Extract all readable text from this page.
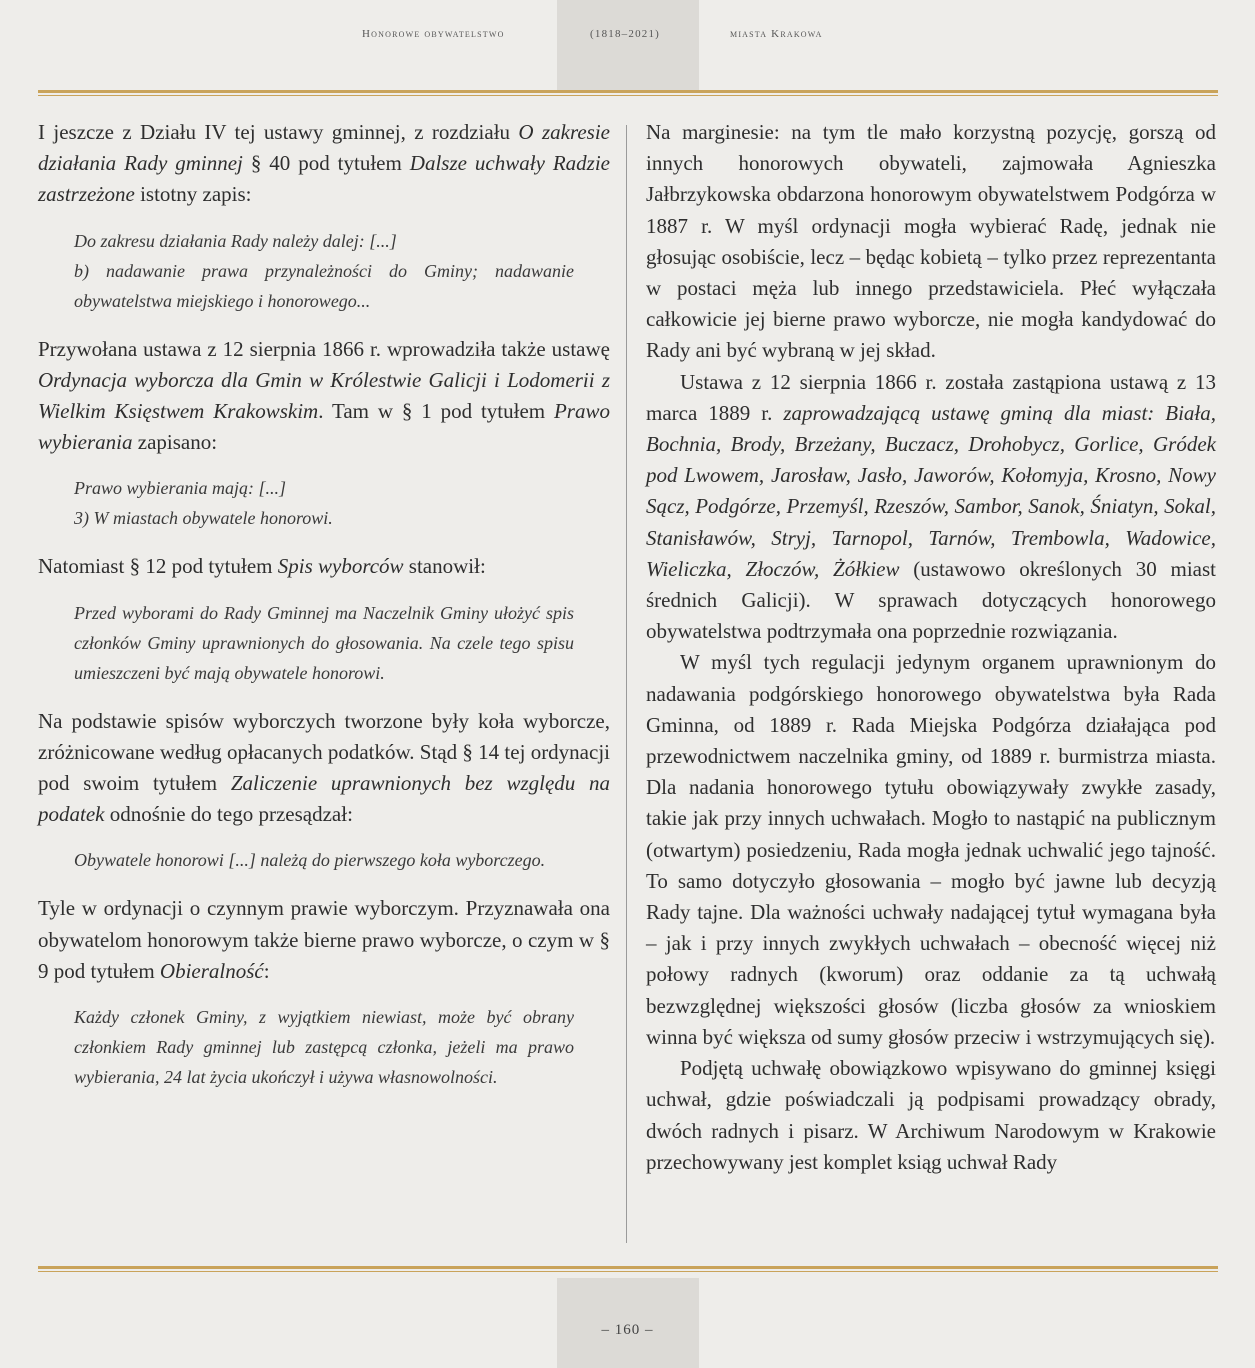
Honorowe obywatelstwo	(1818–2021)	miasta Krakowa

I jeszcze z Działu IV tej ustawy gminnej, z rozdziału O zakresie działania Rady gminnej § 40 pod tytułem Dalsze uchwały Radzie zastrzeżone istotny zapis:

Do zakresu działania Rady należy dalej: [...]
b) nadawanie prawa przynależności do Gminy; nadawanie obywatelstwa miejskiego i honorowego...

Przywołana ustawa z 12 sierpnia 1866 r. wprowadziła także ustawę Ordynacja wyborcza dla Gmin w Królestwie Galicji i Lodomerii z Wielkim Księstwem Krakowskim. Tam w § 1 pod tytułem Prawo wybierania zapisano:

Prawo wybierania mają: [...]
3) W miastach obywatele honorowi.

Natomiast § 12 pod tytułem Spis wyborców stanowił:

Przed wyborami do Rady Gminnej ma Naczelnik Gminy ułożyć spis członków Gminy uprawnionych do głosowania. Na czele tego spisu umieszczeni być mają obywatele honorowi.

Na podstawie spisów wyborczych tworzone były koła wyborcze, zróżnicowane według opłacanych podatków. Stąd § 14 tej ordynacji pod swoim tytułem Zaliczenie uprawnionych bez względu na podatek odnośnie do tego przesądzał:

Obywatele honorowi [...] należą do pierwszego koła wyborczego.

Tyle w ordynacji o czynnym prawie wyborczym. Przyznawała ona obywatelom honorowym także bierne prawo wyborcze, o czym w § 9 pod tytułem Obieralność:

Każdy członek Gminy, z wyjątkiem niewiast, może być obrany członkiem Rady gminnej lub zastępcą członka, jeżeli ma prawo wybierania, 24 lat życia ukończył i używa własnowolności.

Na marginesie: na tym tle mało korzystną pozycję, gorszą od innych honorowych obywateli, zajmowała Agnieszka Jałbrzykowska obdarzona honorowym obywatelstwem Podgórza w 1887 r. W myśl ordynacji mogła wybierać Radę, jednak nie głosując osobiście, lecz – będąc kobietą – tylko przez reprezentanta w postaci męża lub innego przedstawiciela. Płeć wyłączała całkowicie jej bierne prawo wyborcze, nie mogła kandydować do Rady ani być wybraną w jej skład.

Ustawa z 12 sierpnia 1866 r. została zastąpiona ustawą z 13 marca 1889 r. zaprowadzającą ustawę gminą dla miast: Biała, Bochnia, Brody, Brzeżany, Buczacz, Drohobycz, Gorlice, Gródek pod Lwowem, Jarosław, Jasło, Jaworów, Kołomyja, Krosno, Nowy Sącz, Podgórze, Przemyśl, Rzeszów, Sambor, Sanok, Śniatyn, Sokal, Stanisławów, Stryj, Tarnopol, Tarnów, Trembowla, Wadowice, Wieliczka, Złoczów, Żółkiew (ustawowo określonych 30 miast średnich Galicji). W sprawach dotyczących honorowego obywatelstwa podtrzymała ona poprzednie rozwiązania.

W myśl tych regulacji jedynym organem uprawnionym do nadawania podgórskiego honorowego obywatelstwa była Rada Gminna, od 1889 r. Rada Miejska Podgórza działająca pod przewodnictwem naczelnika gminy, od 1889 r. burmistrza miasta. Dla nadania honorowego tytułu obowiązywały zwykłe zasady, takie jak przy innych uchwałach. Mogło to nastąpić na publicznym (otwartym) posiedzeniu, Rada mogła jednak uchwalić jego tajność. To samo dotyczyło głosowania – mogło być jawne lub decyzją Rady tajne. Dla ważności uchwały nadającej tytuł wymagana była – jak i przy innych zwykłych uchwałach – obecność więcej niż połowy radnych (kworum) oraz oddanie za tą uchwałą bezwzględnej większości głosów (liczba głosów za wnioskiem winna być większa od sumy głosów przeciw i wstrzymujących się).

Podjętą uchwałę obowiązkowo wpisywano do gminnej księgi uchwał, gdzie poświadczali ją podpisami prowadzący obrady, dwóch radnych i pisarz. W Archiwum Narodowym w Krakowie przechowywany jest komplet ksiąg uchwał Rady

– 160 –
